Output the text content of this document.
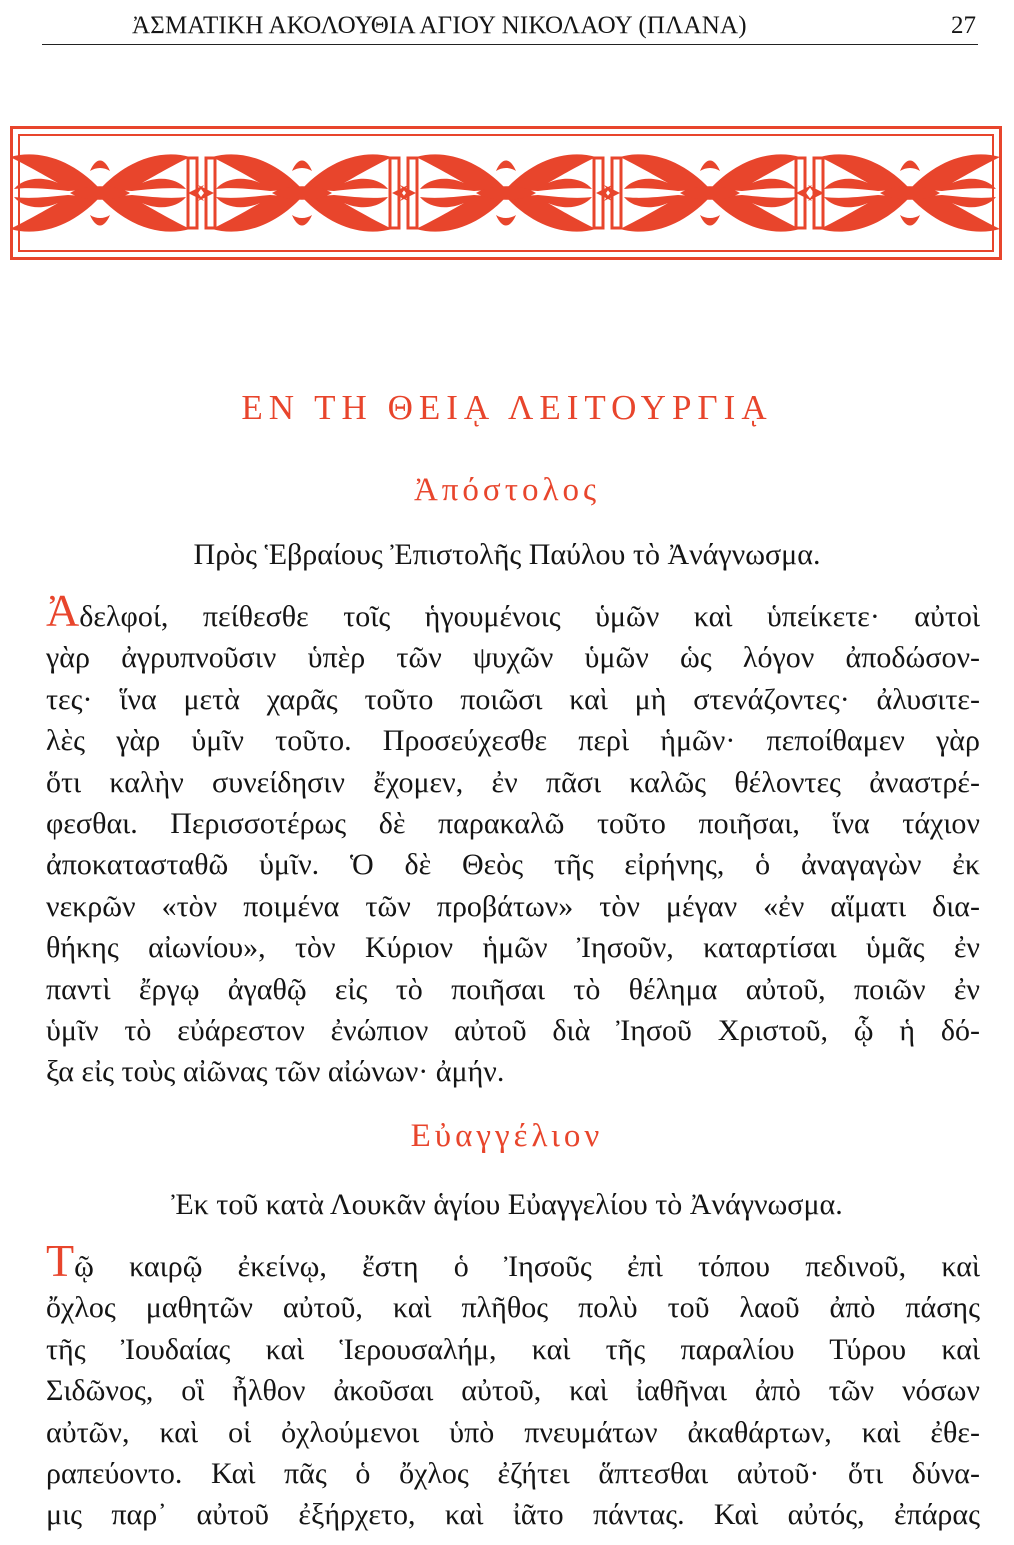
ἈΣΜΑΤΙΚΗ ΑΚΟΛΟΥΘΙΑ ΑΓΙΟΥ ΝΙΚΟΛΑΟΥ (ΠΛΑΝΑ)	27
ΕΝ ΤΗ ΘΕΙᾼ ΛΕΙΤΟΥΡΓΙᾼ
Ἀπόστολος
Πρὸς Ἑβραίους Ἐπιστολῆς Παύλου τὸ Ἀνάγνωσμα.
Ἀδελφοί, πείθεσθε τοῖς ἡγουμένοις ὑμῶν καὶ ὑπείκετε· αὐτοὶ
γὰρ ἀγρυπνοῦσιν ὑπὲρ τῶν ψυχῶν ὑμῶν ὡς λόγον ἀποδώσον-
τες· ἵνα μετὰ χαρᾶς τοῦτο ποιῶσι καὶ μὴ στενάζοντες· ἀλυσιτε-
λὲς γὰρ ὑμῖν τοῦτο. Προσεύχεσθε περὶ ἡμῶν· πεποίθαμεν γὰρ
ὅτι καλὴν συνείδησιν ἔχομεν, ἐν πᾶσι καλῶς θέλοντες ἀναστρέ-
φεσθαι. Περισσοτέρως δὲ παρακαλῶ τοῦτο ποιῆσαι, ἵνα τάχιον
ἀποκατασταθῶ ὑμῖν. Ὁ δὲ Θεὸς τῆς εἰρήνης, ὁ ἀναγαγὼν ἐκ
νεκρῶν «τὸν ποιμένα τῶν προβάτων» τὸν μέγαν «ἐν αἵματι δια-
θήκης αἰωνίου», τὸν Κύριον ἡμῶν Ἰησοῦν, καταρτίσαι ὑμᾶς ἐν
παντὶ ἔργῳ ἀγαθῷ εἰς τὸ ποιῆσαι τὸ θέλημα αὐτοῦ, ποιῶν ἐν
ὑμῖν τὸ εὐάρεστον ἐνώπιον αὐτοῦ διὰ Ἰησοῦ Χριστοῦ, ᾧ ἡ δό-
ξα εἰς τοὺς αἰῶνας τῶν αἰώνων· ἀμήν.
Εὐαγγέλιον
Ἐκ τοῦ κατὰ Λουκᾶν ἁγίου Εὐαγγελίου τὸ Ἀνάγνωσμα.
Τῷ καιρῷ ἐκείνῳ, ἔστη ὁ Ἰησοῦς ἐπὶ τόπου πεδινοῦ, καὶ
ὄχλος μαθητῶν αὐτοῦ, καὶ πλῆθος πολὺ τοῦ λαοῦ ἀπὸ πάσης
τῆς Ἰουδαίας καὶ Ἱερουσαλήμ, καὶ τῆς παραλίου Τύρου καὶ
Σιδῶνος, οἳ ἦλθον ἀκοῦσαι αὐτοῦ, καὶ ἰαθῆναι ἀπὸ τῶν νόσων
αὐτῶν, καὶ οἱ ὀχλούμενοι ὑπὸ πνευμάτων ἀκαθάρτων, καὶ ἐθε-
ραπεύοντο. Καὶ πᾶς ὁ ὄχλος ἐζήτει ἅπτεσθαι αὐτοῦ· ὅτι δύνα-
μις παρ᾽ αὐτοῦ ἐξήρχετο, καὶ ἰᾶτο πάντας. Καὶ αὐτός, ἐπάρας
